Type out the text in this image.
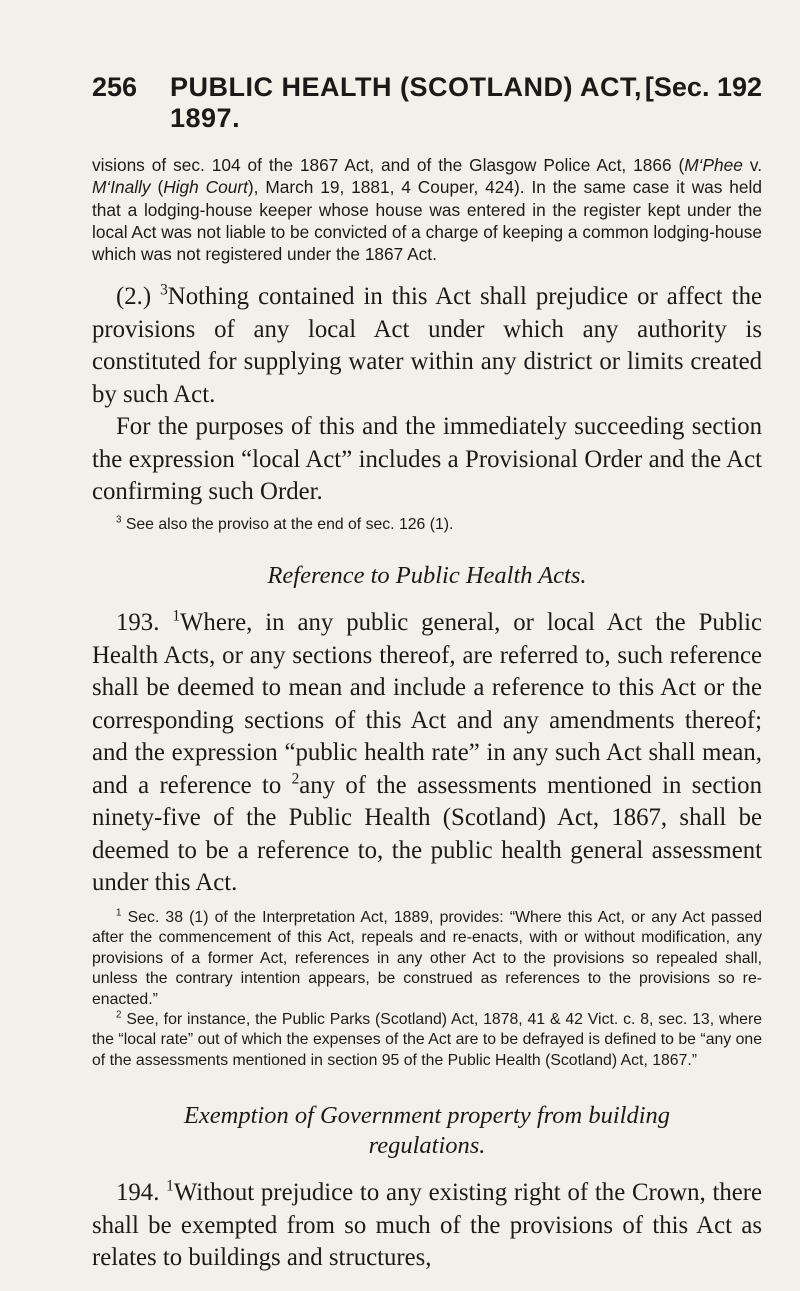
256	PUBLIC HEALTH (SCOTLAND) ACT, 1897.
[Sec. 192

visions of sec. 104 of the 1867 Act, and of the Glasgow Police Act, 1866 (M‘Phee v. M‘Inally (High Court), March 19, 1881, 4 Couper, 424). In the same case it was held that a lodging-house keeper whose house was entered in the register kept under the local Act was not liable to be convicted of a charge of keeping a common lodging-house which was not registered under the 1867 Act.

(2.) $^3$Nothing contained in this Act shall prejudice or affect the provisions of any local Act under which any authority is constituted for supplying water within any district or limits created by such Act.

For the purposes of this and the immediately succeeding section the expression “local Act” includes a Provisional Order and the Act confirming such Order.

$^3$ See also the proviso at the end of sec. 126 (1).

Reference to Public Health Acts.

193. $^1$Where, in any public general, or local Act the Public Health Acts, or any sections thereof, are referred to, such reference shall be deemed to mean and include a reference to this Act or the corresponding sections of this Act and any amendments thereof; and the expression “public health rate” in any such Act shall mean, and a reference to $^2$any of the assessments mentioned in section ninety-five of the Public Health (Scotland) Act, 1867, shall be deemed to be a reference to, the public health general assessment under this Act.

$^1$ Sec. 38 (1) of the Interpretation Act, 1889, provides: “Where this Act, or any Act passed after the commencement of this Act, repeals and re-enacts, with or without modification, any provisions of a former Act, references in any other Act to the provisions so repealed shall, unless the contrary intention appears, be construed as references to the provisions so re-enacted.”

$^2$ See, for instance, the Public Parks (Scotland) Act, 1878, 41 & 42 Vict. c. 8, sec. 13, where the “local rate” out of which the expenses of the Act are to be defrayed is defined to be “any one of the assessments mentioned in section 95 of the Public Health (Scotland) Act, 1867.”

Exemption of Government property from building regulations.

194. $^1$Without prejudice to any existing right of the Crown, there shall be exempted from so much of the provisions of this Act as relates to buildings and structures,
